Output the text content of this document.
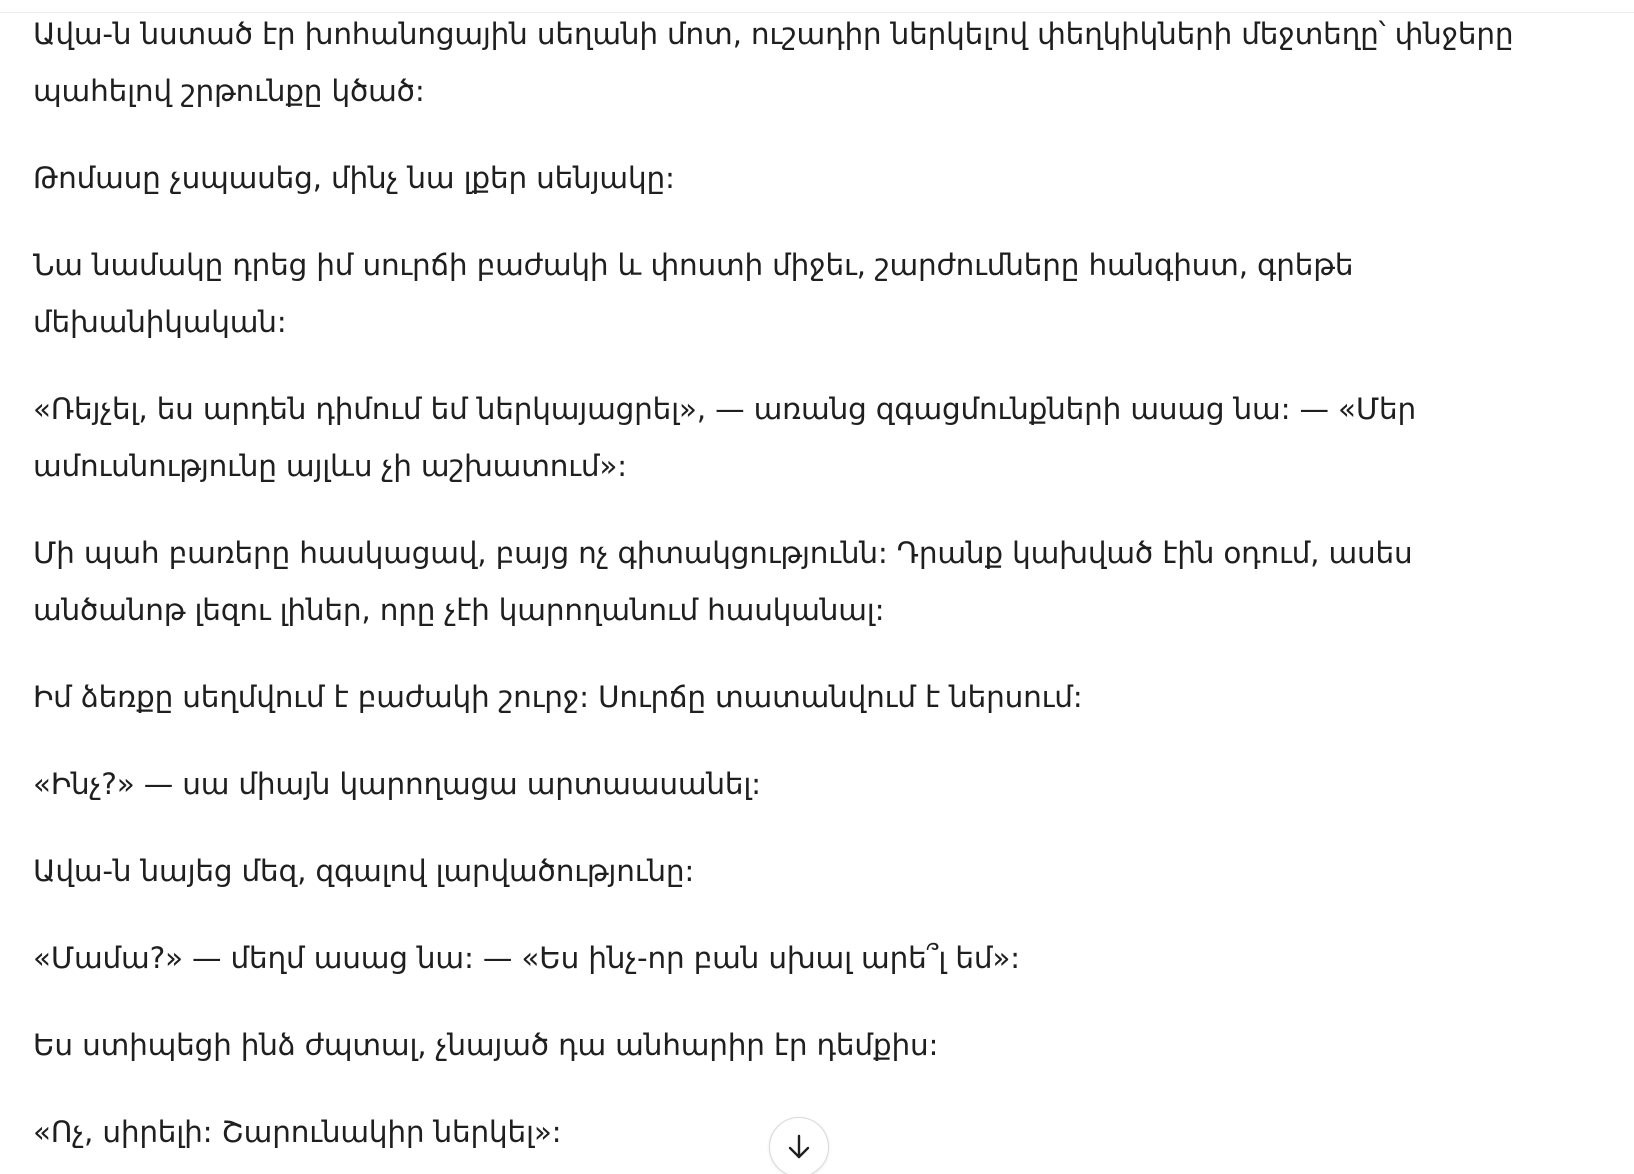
Ավա-ն նստած էր խոհանոցային սեղանի մոտ, ուշադիր ներկելով փեղկիկների մեջտեղը՝ փնջերը պահելով շրթունքը կծած:

Թոմասը չսպասեց, մինչ նա լքեր սենյակը:

Նա նամակը դրեց իմ սուրճի բաժակի և փոստի միջեւ, շարժումները հանգիստ, գրեթե մեխանիկական:

«Ռեյչել, ես արդեն դիմում եմ ներկայացրել», — առանց զգացմունքների ասաց նա: — «Մեր ամուսնությունը այլևս չի աշխատում»:

Մի պահ բառերը հասկացավ, բայց ոչ գիտակցությունն: Դրանք կախված էին օդում, ասես անծանոթ լեզու լիներ, որը չէի կարողանում հասկանալ:

Իմ ձեռքը սեղմվում է բաժակի շուրջ: Սուրճը տատանվում է ներսում:

«Ինչ?» — սա միայն կարողացա արտաասանել:

Ավա-ն նայեց մեզ, զգալով լարվածությունը:

«Մամա?» — մեղմ ասաց նա: — «Ես ինչ-որ բան սխալ արե՞լ եմ»:

Ես ստիպեցի ինձ ժպտալ, չնայած դա անհարիր էր դեմքիս:

«Ոչ, սիրելի: Շարունակիր ներկել»:
